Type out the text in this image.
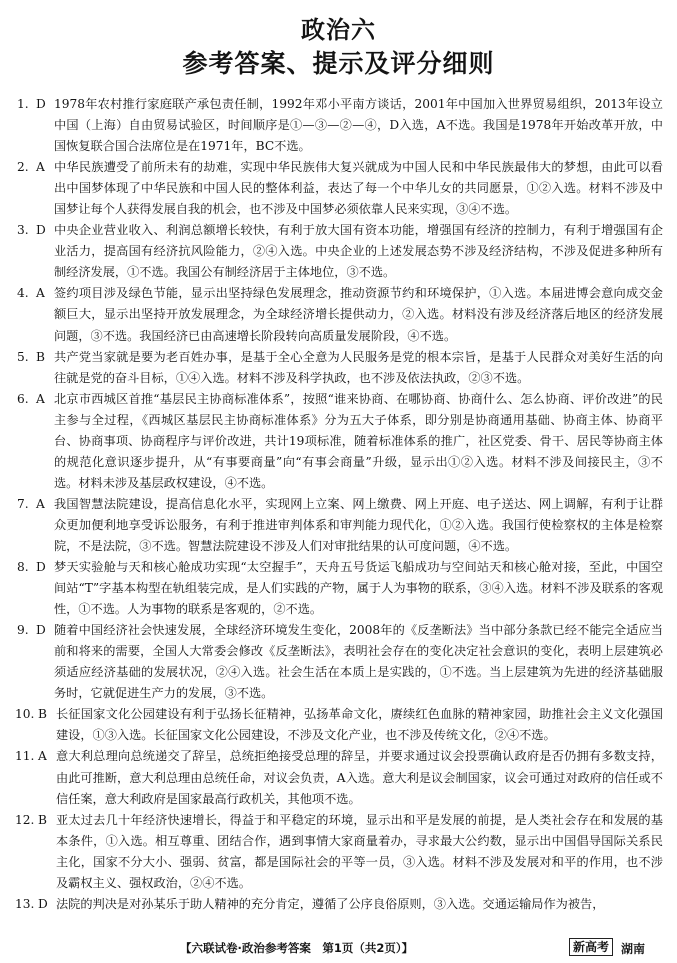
政治六
参考答案、提示及评分细则
1. D 1978年农村推行家庭联产承包责任制，1992年邓小平南方谈话，2001年中国加入世界贸易组织，2013年设立中国（上海）自由贸易试验区，时间顺序是①—③—②—④，D入选，A不选。我国是1978年开始改革开放，中国恢复联合国合法席位是在1971年，BC不选。
2. A 中华民族遭受了前所未有的劫难，实现中华民族伟大复兴就成为中国人民和中华民族最伟大的梦想，由此可以看出中国梦体现了中华民族和中国人民的整体利益，表达了每一个中华儿女的共同愿景，①②入选。材料不涉及中国梦让每个人获得发展自我的机会，也不涉及中国梦必须依靠人民来实现，③④不选。
3. D 中央企业营业收入、利润总额增长较快，有利于放大国有资本功能，增强国有经济的控制力，有利于增强国有企业活力，提高国有经济抗风险能力，②④入选。中央企业的上述发展态势不涉及经济结构，不涉及促进多种所有制经济发展，①不选。我国公有制经济居于主体地位，③不选。
4. A 签约项目涉及绿色节能，显示出坚持绿色发展理念，推动资源节约和环境保护，①入选。本届进博会意向成交金额巨大，显示出坚持开放发展理念，为全球经济增长提供动力，②入选。材料没有涉及经济落后地区的经济发展问题，③不选。我国经济已由高速增长阶段转向高质量发展阶段，④不选。
5. B 共产党当家就是要为老百姓办事，是基于全心全意为人民服务是党的根本宗旨，是基于人民群众对美好生活的向往就是党的奋斗目标，①④入选。材料不涉及科学执政，也不涉及依法执政，②③不选。
6. A 北京市西城区首推“基层民主协商标准体系”，按照“谁来协商、在哪协商、协商什么、怎么协商、评价改进”的民主参与全过程，《西城区基层民主协商标准体系》分为五大子体系，即分别是协商通用基础、协商主体、协商平台、协商事项、协商程序与评价改进，共计19项标准，随着标准体系的推广，社区党委、骨干、居民等协商主体的规范化意识逐步提升，从“有事要商量”向“有事会商量”升级，显示出①②入选。材料不涉及间接民主，③不选。材料未涉及基层政权建设，④不选。
7. A 我国智慧法院建设，提高信息化水平，实现网上立案、网上缴费、网上开庭、电子送达、网上调解，有利于让群众更加便利地享受诉讼服务，有利于推进审判体系和审判能力现代化，①②入选。我国行使检察权的主体是检察院，不是法院，③不选。智慧法院建设不涉及人们对审批结果的认可度问题，④不选。
8. D 梦天实验舱与天和核心舱成功实现“太空握手”，天舟五号货运飞船成功与空间站天和核心舱对接，至此，中国空间站“T”字基本构型在轨组装完成，是人们实践的产物，属于人为事物的联系，③④入选。材料不涉及联系的客观性，①不选。人为事物的联系是客观的，②不选。
9. D 随着中国经济社会快速发展，全球经济环境发生变化，2008年的《反垄断法》当中部分条款已经不能完全适应当前和将来的需要，全国人大常委会修改《反垄断法》，表明社会存在的变化决定社会意识的变化，表明上层建筑必须适应经济基础的发展状况，②④入选。社会生活在本质上是实践的，①不选。当上层建筑为先进的经济基础服务时，它就促进生产力的发展，③不选。
10. B 长征国家文化公园建设有利于弘扬长征精神，弘扬革命文化，赓续红色血脉的精神家园，助推社会主义文化强国建设，①③入选。长征国家文化公园建设，不涉及文化产业，也不涉及传统文化，②④不选。
11. A 意大利总理向总统递交了辞呈，总统拒绝接受总理的辞呈，并要求通过议会投票确认政府是否仍拥有多数支持，由此可推断，意大利总理由总统任命，对议会负责，A入选。意大利是议会制国家，议会可通过对政府的信任或不信任案，意大利政府是国家最高行政机关，其他项不选。
12. B 亚太过去几十年经济快速增长，得益于和平稳定的环境，显示出和平是发展的前提，是人类社会存在和发展的基本条件，①入选。相互尊重、团结合作，遇到事情大家商量着办，寻求最大公约数，显示出中国倡导国际关系民主化，国家不分大小、强弱、贫富，都是国际社会的平等一员，③入选。材料不涉及发展对和平的作用，也不涉及霸权主义、强权政治，②④不选。
13. D 法院的判决是对孙某乐于助人精神的充分肯定，遵循了公序良俗原则，③入选。交通运输局作为被告，
【六联试卷·政治参考答案　第1页（共2页）】	新高考 湖南
